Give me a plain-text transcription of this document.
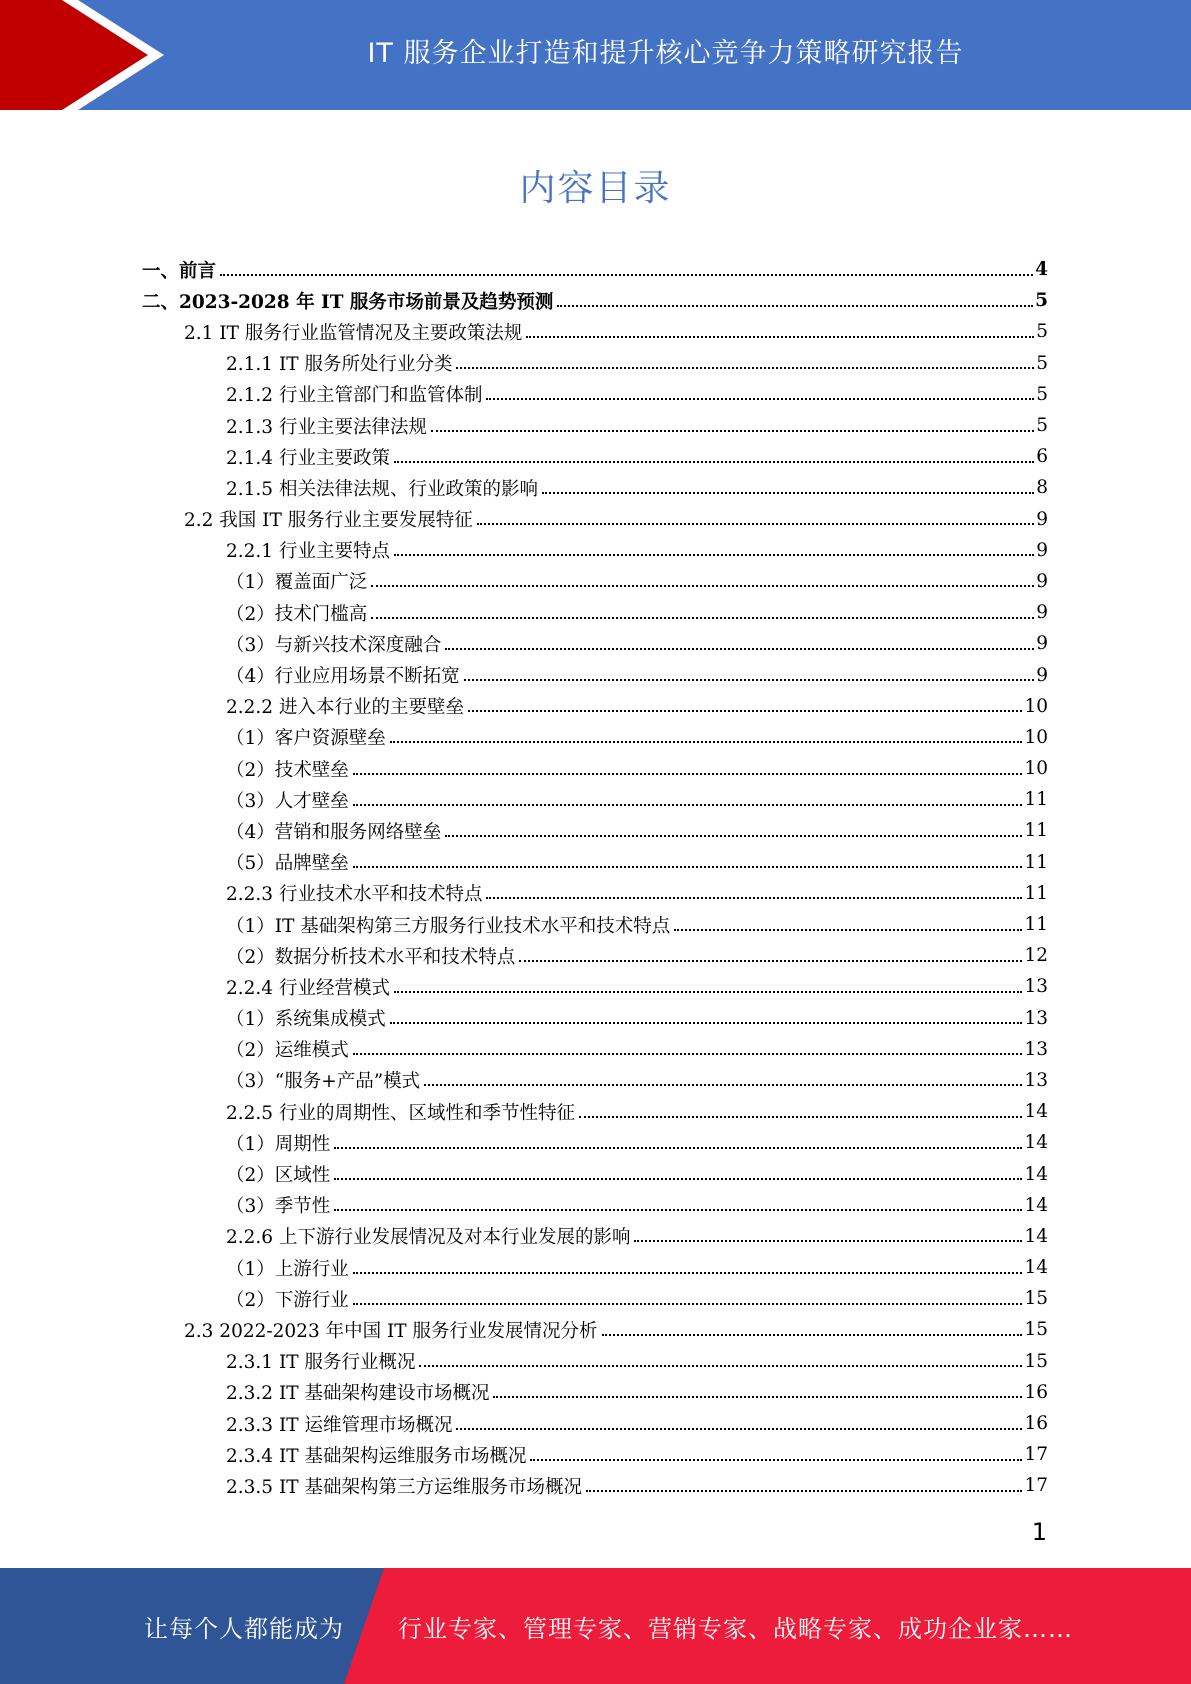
IT 服务企业打造和提升核心竞争力策略研究报告
内容目录
一、前言	4
二、2023-2028 年 IT 服务市场前景及趋势预测	5
2.1 IT 服务行业监管情况及主要政策法规	5
2.1.1 IT 服务所处行业分类	5
2.1.2 行业主管部门和监管体制	5
2.1.3 行业主要法律法规	5
2.1.4 行业主要政策	6
2.1.5 相关法律法规、行业政策的影响	8
2.2 我国 IT 服务行业主要发展特征	9
2.2.1 行业主要特点	9
（1）覆盖面广泛	9
（2）技术门槛高	9
（3）与新兴技术深度融合	9
（4）行业应用场景不断拓宽	9
2.2.2 进入本行业的主要壁垒	10
（1）客户资源壁垒	10
（2）技术壁垒	10
（3）人才壁垒	11
（4）营销和服务网络壁垒	11
（5）品牌壁垒	11
2.2.3 行业技术水平和技术特点	11
（1）IT 基础架构第三方服务行业技术水平和技术特点	11
（2）数据分析技术水平和技术特点	12
2.2.4 行业经营模式	13
（1）系统集成模式	13
（2）运维模式	13
（3）“服务+产品”模式	13
2.2.5 行业的周期性、区域性和季节性特征	14
（1）周期性	14
（2）区域性	14
（3）季节性	14
2.2.6 上下游行业发展情况及对本行业发展的影响	14
（1）上游行业	14
（2）下游行业	15
2.3 2022-2023 年中国 IT 服务行业发展情况分析	15
2.3.1 IT 服务行业概况	15
2.3.2 IT 基础架构建设市场概况	16
2.3.3 IT 运维管理市场概况	16
2.3.4 IT 基础架构运维服务市场概况	17
2.3.5 IT 基础架构第三方运维服务市场概况	17
1
让每个人都能成为 行业专家、管理专家、营销专家、战略专家、成功企业家……
